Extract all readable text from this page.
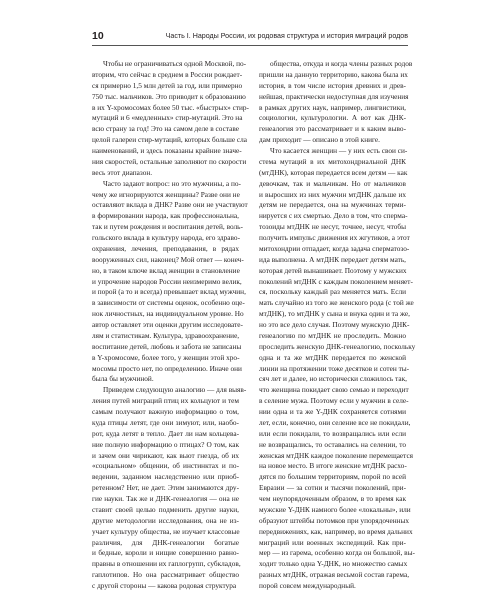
10	Часть I. Народы России, их родовая структура и история миграций родов
Чтобы не ограничиваться одной Москвой, по-
вторим, что сейчас в среднем в России рождает-
ся примерно 1,5 млн детей за год, или примерно
750 тыс. мальчиков. Это приводит к образованию
в их Y-хромосомах более 50 тыс. «быстрых» стир-
мутаций и 6 «медленных» стир-мутаций. Это на
всю страну за год! Это на самом деле в составе
целой галереи стир-мутаций, которых больше сла
наименований, и здесь показаны крайние значе-
ния скоростей, остальные заполняют по скорости
весь этот диапазон.
Часто задают вопрос: но это мужчины, а по-
чему же игнорируются женщины? Разве они не
оставляют вклада в ДНК? Разве они не участвуют
в формировании народа, как профессиональна,
так и путем рождения и воспитания детей, воль-
гольского вклада в культуру народа, его здраво-
охранения, лечения, преподавания, в рядах
вооруженных сил, наконец? Мой ответ — конеч-
но, в таком ключе вклад женщин в становление
и упрочение народов России неизмеримо велик,
и порой (а то и всегда) превышает вклад мужчин,
в зависимости от системы оценок, особенно оце-
нок личностных, на индивидуальном уровне. Но
автор оставляет эти оценки другим исследовате-
лям и статистикам. Культура, здравоохранение,
воспитание детей, любовь и забота не записаны
в Y-хромосоме, более того, у женщин этой хро-
мосомы просто нет, по определению. Иначе они
была бы мужчиной.
Приведем следующую аналогию — для выяв-
ления путей миграций птиц их кольцуют и тем
самым получают важную информацию о том,
куда птицы летят, где они зимуют, или, наобо-
рот, куда летят в тепло. Дает ли нам кольцева-
ние полную информацию о птицах? О том, как
и зачем они чирикают, как вьют гнезда, об их
«социальном» общении, об инстинктах и по-
ведении, заданном наследственно или приоб-
ретенном? Нет, не дает. Этим занимаются дру-
гие науки. Так же и ДНК-генеалогия — она не
ставит своей целью подменить другие науки,
другие методологии исследования, она не из-
учает культуру общества, не изучает классовые
различия, для ДНК-генеалогии богатые
и бедные, короли и нищие совершенно равно-
правны в отношении их гаплогрупп, субкладов,
гаплотипов. Но она рассматривает общество
с другой стороны — какова родовая структура
общества, откуда и когда члены разных родов
пришли на данную территорию, какова была их
история, в том числе история древних и древ-
нейшая, практически недоступная для изучения
в рамках других наук, например, лингвистики,
социологии, культурологии. А вот как ДНК-
генеалогия это рассматривает и к каким выво-
дам приходит — описано в этой книге.
Что касается женщин — у них есть свои си-
стема мутаций в их митохондриальной ДНК
(мтДНК), которая передается всем детям — как
девочкам, так и мальчикам. Но от мальчиков
и выросших из них мужчин мтДНК дальше их
детям не передается, она на мужчинах терми-
нируется с их смертью. Дело в том, что сперма-
тозоиды мтДНК не несут, точнее, несут, чтобы
получить импульс движения их жгутиков, а этот
митохондрии отпадает, когда задача сперматозо-
ида выполнена. А мтДНК передает детям мать,
которая детей вынашивает. Поэтому у мужских
поколений мтДНК с каждым поколением меняет-
ся, поскольку каждый раз меняется мать. Если
мать случайно из того же женского рода (с той же
мтДНК), то мтДНК у сына и внука один и та же,
но это все дело случая. Поэтому мужскую ДНК-
генеалогию по мтДНК не проследить. Можно
проследить женскую ДНК-генеалогию, поскольку
одна и та же мтДНК передается по женской
линии на протяжении тоже десятков и сотен ты-
сяч лет и далее, но исторически сложилось так,
что женщина покидает свою семью и переходит
в селение мужа. Поэтому если у мужчин в селе-
нии одна и та же Y-ДНК сохраняется сотнями
лет, если, конечно, они селение все не покидали,
или если покидали, то возвращались или если
не возвращались, то оставались на селении, то
женская мтДНК каждое поколение перемещается
на новое место. В итоге женские мтДНК расхо-
дятся по большим территориям, порой по всей
Евразии — за сотни и тысячи поколений, при-
чем неупорядоченным образом, в то время как
мужские Y-ДНК намного более «локальны», или
образуют штейбы потомков при упорядоченных
передвижениях, как, например, во время дальних
миграций или военных экспедиций. Как при-
мер — из гарема, особенно когда он большой, вы-
ходит только одна Y-ДНК, но множество самых
разных мтДНК, отражая весьмой состав гарема,
порой совсем междунарoдный.
